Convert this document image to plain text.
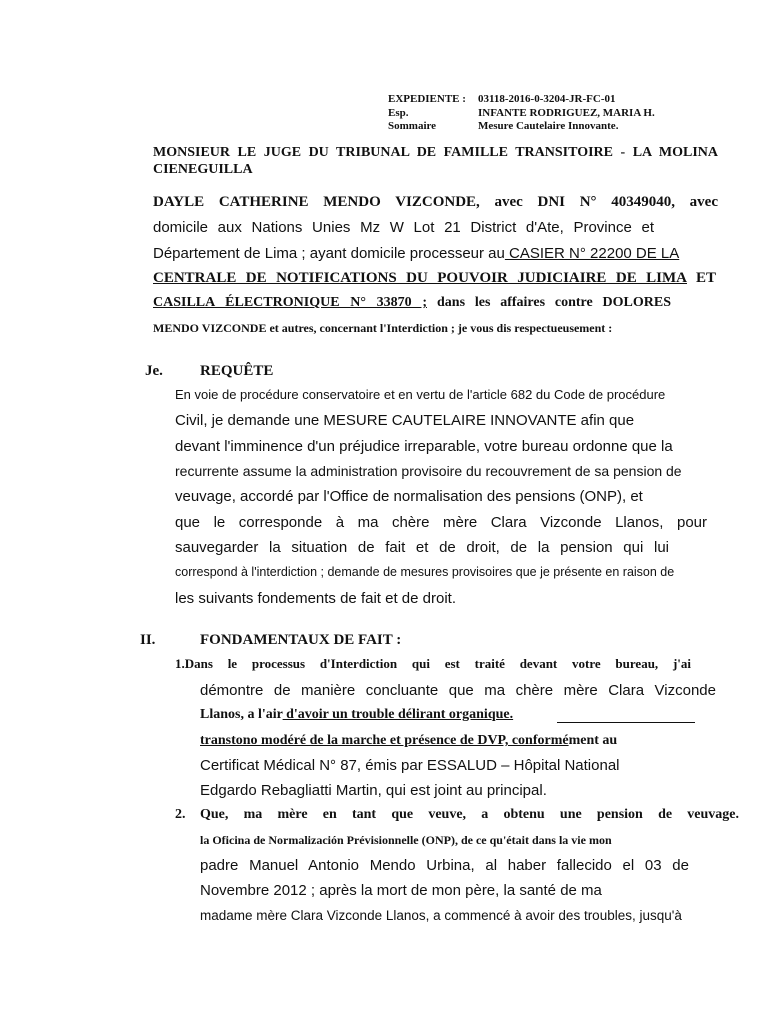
EXPEDIENTE :	03118-2016-0-3204-JR-FC-01
Esp.	INFANTE RODRIGUEZ, MARIA H.
Sommaire	Mesure Cautelaire Innovante.
MONSIEUR LE JUGE DU TRIBUNAL DE FAMILLE TRANSITOIRE - LA MOLINA
CIENEGUILLA
DAYLE CATHERINE MENDO VIZCONDE, avec DNI N° 40349040, avec
domicile aux Nations Unies Mz W Lot 21 District d'Ate, Province et
Département de Lima ; ayant domicile processeur au CASIER N° 22200 DE LA
CENTRALE DE NOTIFICATIONS DU POUVOIR JUDICIAIRE DE LIMA ET
CASILLA ÉLECTRONIQUE N° 33870 ; dans les affaires contre DOLORES
MENDO VIZCONDE et autres, concernant l'Interdiction ; je vous dis respectueusement :
Je. REQUÊTE
En voie de procédure conservatoire et en vertu de l'article 682 du Code de procédure
Civil, je demande une MESURE CAUTELAIRE INNOVANTE afin que
devant l'imminence d'un préjudice irreparable, votre bureau ordonne que la
recurrente assume la administration provisoire du recouvrement de sa pension de
veuvage, accordé par l'Office de normalisation des pensions (ONP), et
que le corresponde à ma chère mère Clara Vizconde Llanos, pour
sauvegarder la situation de fait et de droit, de la pension qui lui
correspond à l'interdiction ; demande de mesures provisoires que je présente en raison de
les suivants fondements de fait et de droit.
II.	FONDAMENTAUX DE FAIT :
1.Dans le processus d'Interdiction qui est traité devant votre bureau, j'ai
démontre de manière concluante que ma chère mère Clara Vizconde
Llanos, a l'air d'avoir un trouble délirant organique.
transtono modéré de la marche et présence de DVP, conformément au
Certificat Médical N° 87, émis par ESSALUD – Hôpital National
Edgardo Rebagliatti Martin, qui est joint au principal.
2. Que, ma mère en tant que veuve, a obtenu une pension de veuvage.
la Oficina de Normalización Prévisionnelle (ONP), de ce qu'était dans la vie mon
padre Manuel Antonio Mendo Urbina, al haber fallecido el 03 de
Novembre 2012 ; après la mort de mon père, la santé de ma
madame mère Clara Vizconde Llanos, a commencé à avoir des troubles, jusqu'à
